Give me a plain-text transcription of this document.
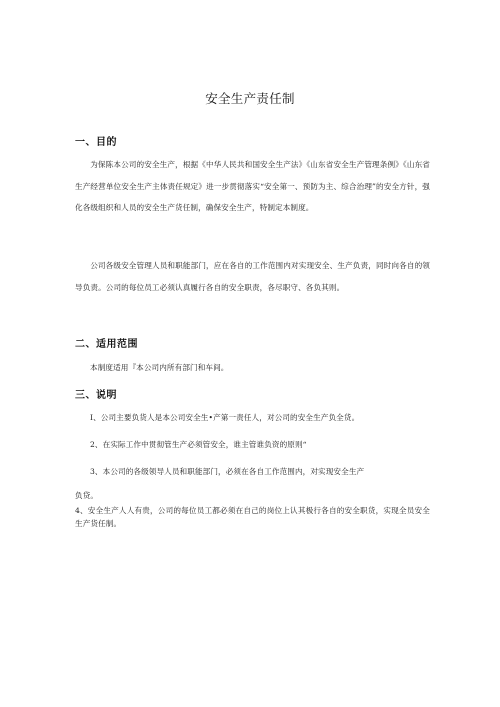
安全生产责任制
一、目的
为保陈本公司的安全生产，根据《中华人民共和国安全生产法》《山东省安全生产管理条例》《山东省生产经营单位安全生产主体责任规定》进一步贯彻落实“安全第一、预防为主、综合治理”的安全方针，强化各级组织和人员的安全生产货任制，确保安全生产，特制定本制度。
公司各级安全管理人员和职能部门，应在各自的工作范围内对实现安全、生产负责，同时向各自的领导负责。公司的每位员工必须认真履行各自的安全职责，各尽职守、各负其则。
二、适用范围
本制度适用『本公司内所有部门和车间。
三、说明
I、公司主要负货人是本公司安全生•产第一责任人，对公司的安全生产负全货。
2、在实际工作中贯彻管生产必须管安全，谁主管谁负资的原则“
3、本公司的各级领导人员和职能部门，必须在各自工作范围内，对实现安全生产
负贷。
4、安全生产人人有贵，公司的每位员工都必须在自己的岗位上认其极行各自的安全职货，实现全员安全生产货任制。
